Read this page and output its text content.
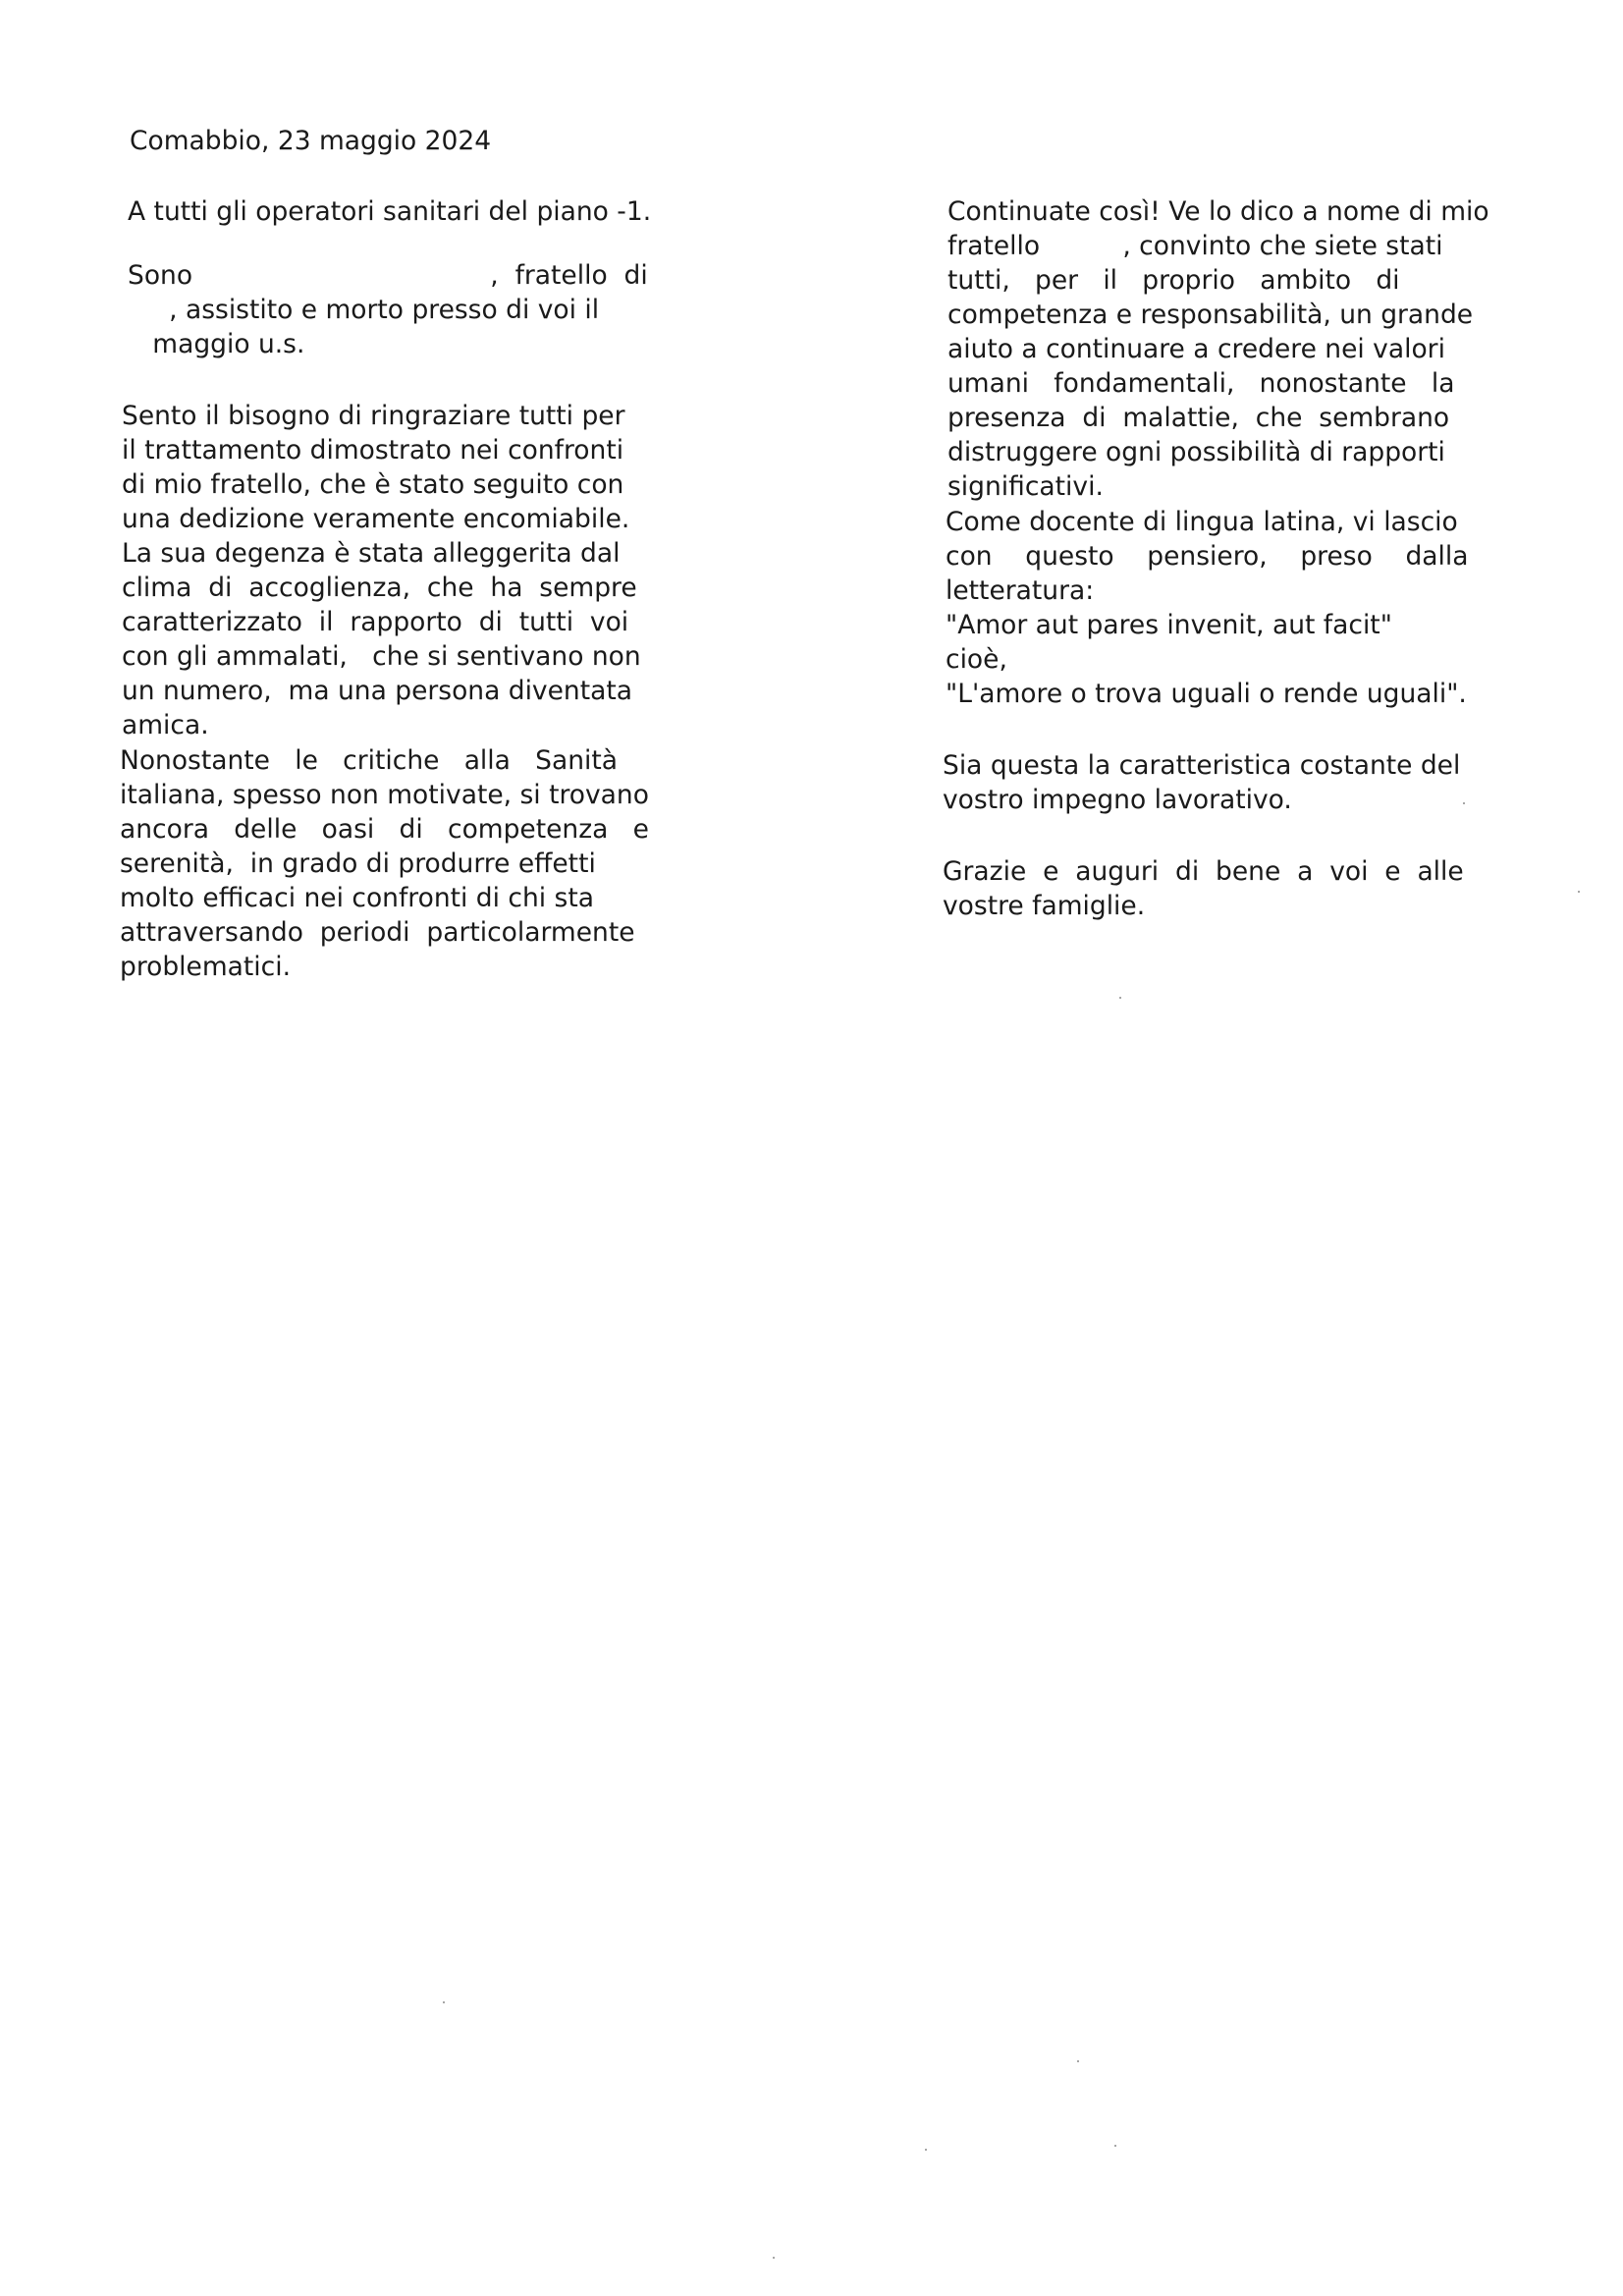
Comabbio, 23 maggio 2024
A tutti gli operatori sanitari del piano -1.
Sono                                    ,  fratello  di
, assistito e morto presso di voi il
maggio u.s.
Sento il bisogno di ringraziare tutti per
il trattamento dimostrato nei confronti
di mio fratello, che è stato seguito con
una dedizione veramente encomiabile.
La sua degenza è stata alleggerita dal
clima  di  accoglienza,  che  ha  sempre
caratterizzato  il  rapporto  di  tutti  voi
con gli ammalati,   che si sentivano non
un numero,  ma una persona diventata
amica.
Nonostante   le   critiche   alla   Sanità
italiana, spesso non motivate, si trovano
ancora   delle   oasi   di   competenza   e
serenità,  in grado di produrre effetti
molto efficaci nei confronti di chi sta
attraversando  periodi  particolarmente
problematici.
Continuate così! Ve lo dico a nome di mio
fratello          , convinto che siete stati
tutti,   per   il   proprio   ambito   di
competenza e responsabilità, un grande
aiuto a continuare a credere nei valori
umani   fondamentali,   nonostante   la
presenza  di  malattie,  che  sembrano
distruggere ogni possibilità di rapporti
significativi.
Come docente di lingua latina, vi lascio
con    questo    pensiero,    preso    dalla
letteratura:
"Amor aut pares invenit, aut facit"
cioè,
"L'amore o trova uguali o rende uguali".
Sia questa la caratteristica costante del
vostro impegno lavorativo.
Grazie  e  auguri  di  bene  a  voi  e  alle
vostre famiglie.
